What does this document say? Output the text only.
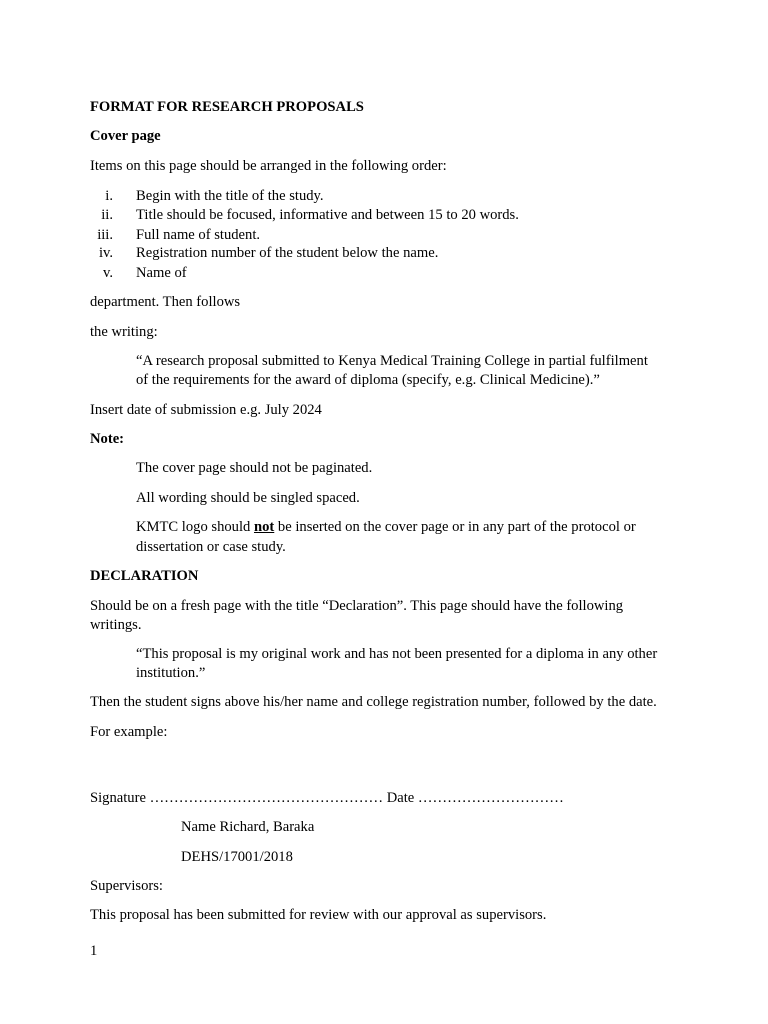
FORMAT FOR RESEARCH PROPOSALS
Cover page
Items on this page should be arranged in the following order:
i. Begin with the title of the study.
ii. Title should be focused, informative and between 15 to 20 words.
iii. Full name of student.
iv. Registration number of the student below the name.
v. Name of
department. Then follows
the writing:
“A research proposal submitted to Kenya Medical Training College in partial fulfilment
of the requirements for the award of diploma (specify, e.g. Clinical Medicine).”
Insert date of submission e.g. July 2024
Note:
The cover page should not be paginated.
All wording should be singled spaced.
KMTC logo should not be inserted on the cover page or in any part of the protocol or
dissertation or case study.
DECLARATION
Should be on a fresh page with the title “Declaration”. This page should have the following
writings.
“This proposal is my original work and has not been presented for a diploma in any other
institution.”
Then the student signs above his/her name and college registration number, followed by the date.
For example:
Signature ………………………………………… Date …………………………
Name Richard, Baraka
DEHS/17001/2018
Supervisors:
This proposal has been submitted for review with our approval as supervisors.
1
